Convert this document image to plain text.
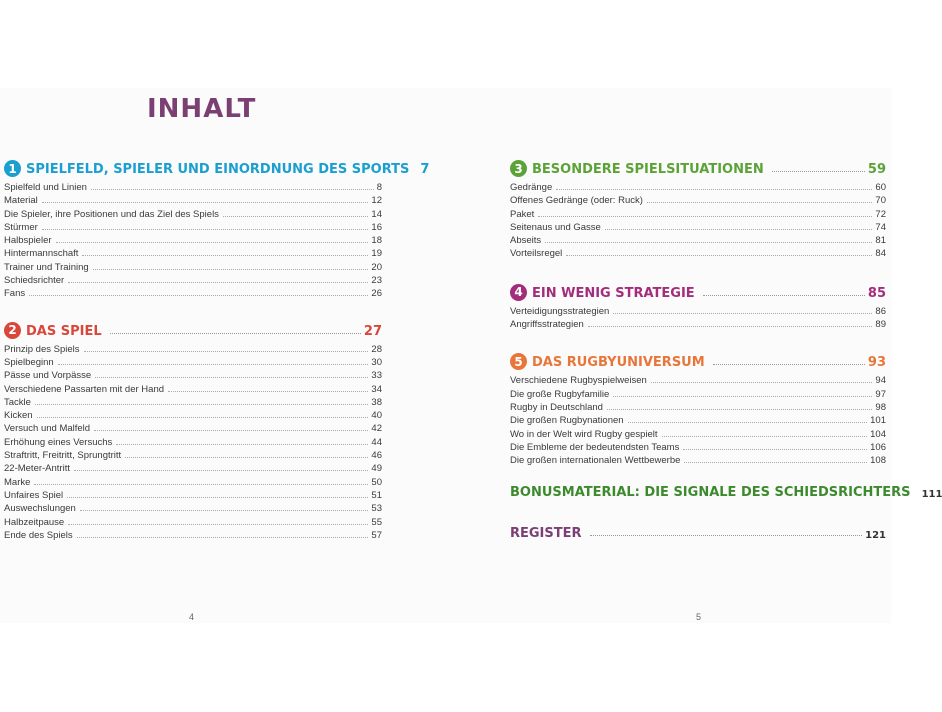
INHALT
1 SPIELFELD, SPIELER UND EINORDNUNG DES SPORTS 7
Spielfeld und Linien	8
Material	12
Die Spieler, ihre Positionen und das Ziel des Spiels	14
Stürmer	16
Halbspieler	18
Hintermannschaft	19
Trainer und Training	20
Schiedsrichter	23
Fans	26
2 DAS SPIEL	27
Prinzip des Spiels	28
Spielbeginn	30
Pässe und Vorpässe	33
Verschiedene Passarten mit der Hand	34
Tackle	38
Kicken	40
Versuch und Malfeld	42
Erhöhung eines Versuchs	44
Straftritt, Freitritt, Sprungtritt	46
22-Meter-Antritt	49
Marke	50
Unfaires Spiel	51
Auswechslungen	53
Halbzeitpause	55
Ende des Spiels	57
3 BESONDERE SPIELSITUATIONEN	59
Gedränge	60
Offenes Gedränge (oder: Ruck)	70
Paket	72
Seitenaus und Gasse	74
Abseits	81
Vorteilsregel	84
4 EIN WENIG STRATEGIE	85
Verteidigungsstrategien	86
Angriffsstrategien	89
5 DAS RUGBYUNIVERSUM	93
Verschiedene Rugbyspielweisen	94
Die große Rugbyfamilie	97
Rugby in Deutschland	98
Die großen Rugbynationen	101
Wo in der Welt wird Rugby gespielt	104
Die Embleme der bedeutendsten Teams	106
Die großen internationalen Wettbewerbe	108
BONUSMATERIAL: DIE SIGNALE DES SCHIEDSRICHTERS 111
REGISTER	121
4	5
